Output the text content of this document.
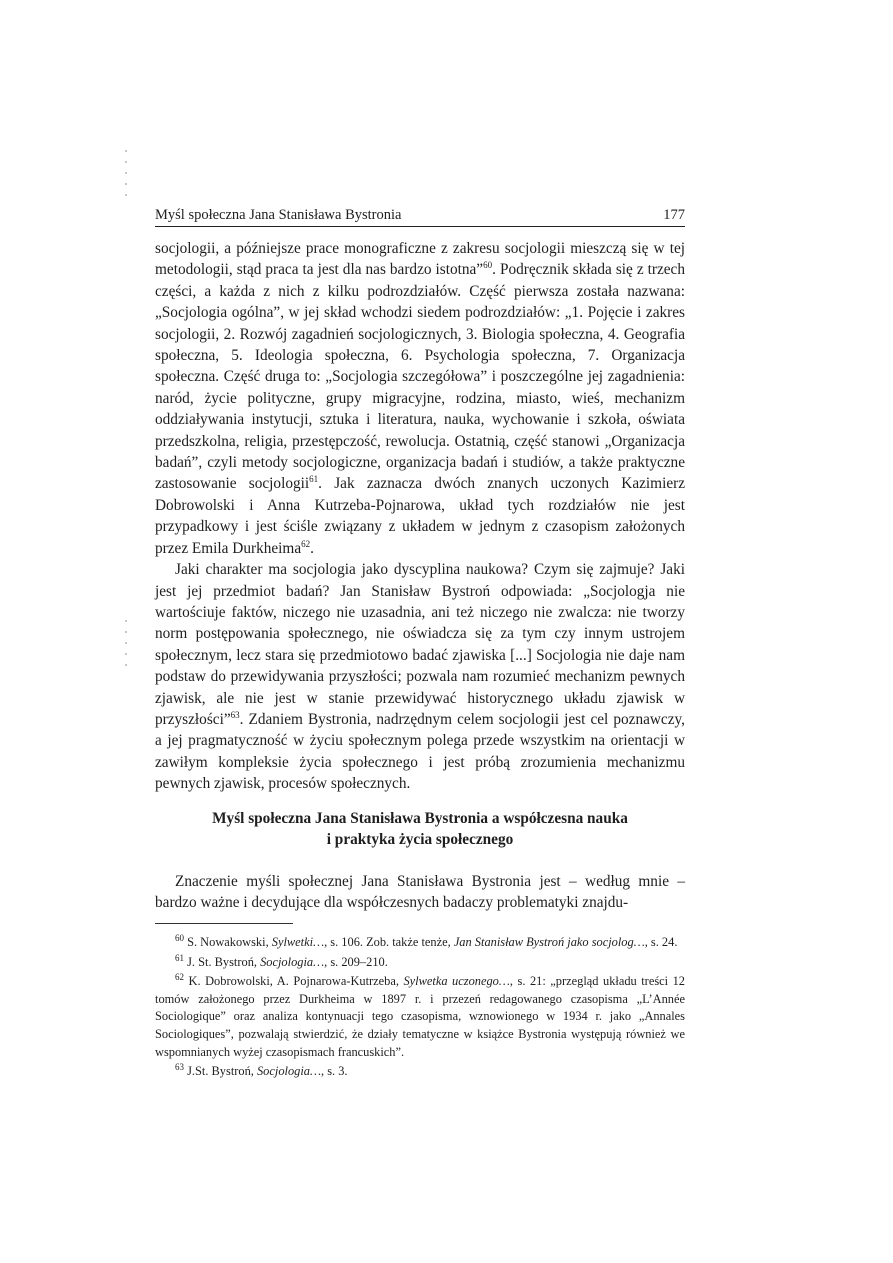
Myśl społeczna Jana Stanisława Bystronia	177

socjologii, a późniejsze prace monograficzne z zakresu socjologii mieszczą się w tej metodologii, stąd praca ta jest dla nas bardzo istotna”$^{60}$. Podręcznik składa się z trzech części, a każda z nich z kilku podrozdziałów. Część pierwsza została nazwana: „Socjologia ogólna”, w jej skład wchodzi siedem podrozdziałów: „1. Pojęcie i zakres socjologii, 2. Rozwój zagadnień socjologicznych, 3. Biologia społeczna, 4. Geografia społeczna, 5. Ideologia społeczna, 6. Psychologia społeczna, 7. Organizacja społeczna. Część druga to: „Socjologia szczegółowa” i poszczególne jej zagadnienia: naród, życie polityczne, grupy migracyjne, rodzina, miasto, wieś, mechanizm oddziaływania instytucji, sztuka i literatura, nauka, wychowanie i szkoła, oświata przedszkolna, religia, przestępczość, rewolucja. Ostatnią, część stanowi „Organizacja badań”, czyli metody socjologiczne, organizacja badań i studiów, a także praktyczne zastosowanie socjologii$^{61}$. Jak zaznacza dwóch znanych uczonych Kazimierz Dobrowolski i Anna Kutrzeba-Pojnarowa, układ tych rozdziałów nie jest przypadkowy i jest ściśle związany z układem w jednym z czasopism założonych przez Emila Durkheima$^{62}$.

Jaki charakter ma socjologia jako dyscyplina naukowa? Czym się zajmuje? Jaki jest jej przedmiot badań? Jan Stanisław Bystroń odpowiada: „Socjologja nie wartościuje faktów, niczego nie uzasadnia, ani też niczego nie zwalcza: nie tworzy norm postępowania społecznego, nie oświadcza się za tym czy innym ustrojem społecznym, lecz stara się przedmiotowo badać zjawiska [...] Socjologia nie daje nam podstaw do przewidywania przyszłości; pozwala nam rozumieć mechanizm pewnych zjawisk, ale nie jest w stanie przewidywać historycznego układu zjawisk w przyszłości”$^{63}$. Zdaniem Bystronia, nadrzędnym celem socjologii jest cel poznawczy, a jej pragmatyczność w życiu społecznym polega przede wszystkim na orientacji w zawiłym kompleksie życia społecznego i jest próbą zrozumienia mechanizmu pewnych zjawisk, procesów społecznych.

Myśl społeczna Jana Stanisława Bystronia a współczesna nauka
i praktyka życia społecznego

Znaczenie myśli społecznej Jana Stanisława Bystronia jest – według mnie – bardzo ważne i decydujące dla współczesnych badaczy problematyki znajdu-

$^{60}$ S. Nowakowski, Sylwetki…, s. 106. Zob. także tenże, Jan Stanisław Bystroń jako socjolog…, s. 24.

$^{61}$ J. St. Bystroń, Socjologia…, s. 209–210.

$^{62}$ K. Dobrowolski, A. Pojnarowa-Kutrzeba, Sylwetka uczonego…, s. 21: „przegląd układu treści 12 tomów założonego przez Durkheima w 1897 r. i przezeń redagowanego czasopisma „L’Année Sociologique” oraz analiza kontynuacji tego czasopisma, wznowionego w 1934 r. jako „Annales Sociologiques”, pozwalają stwierdzić, że działy tematyczne w książce Bystronia występują również we wspomnianych wyżej czasopismach francuskich”.

$^{63}$ J.St. Bystroń, Socjologia…, s. 3.
